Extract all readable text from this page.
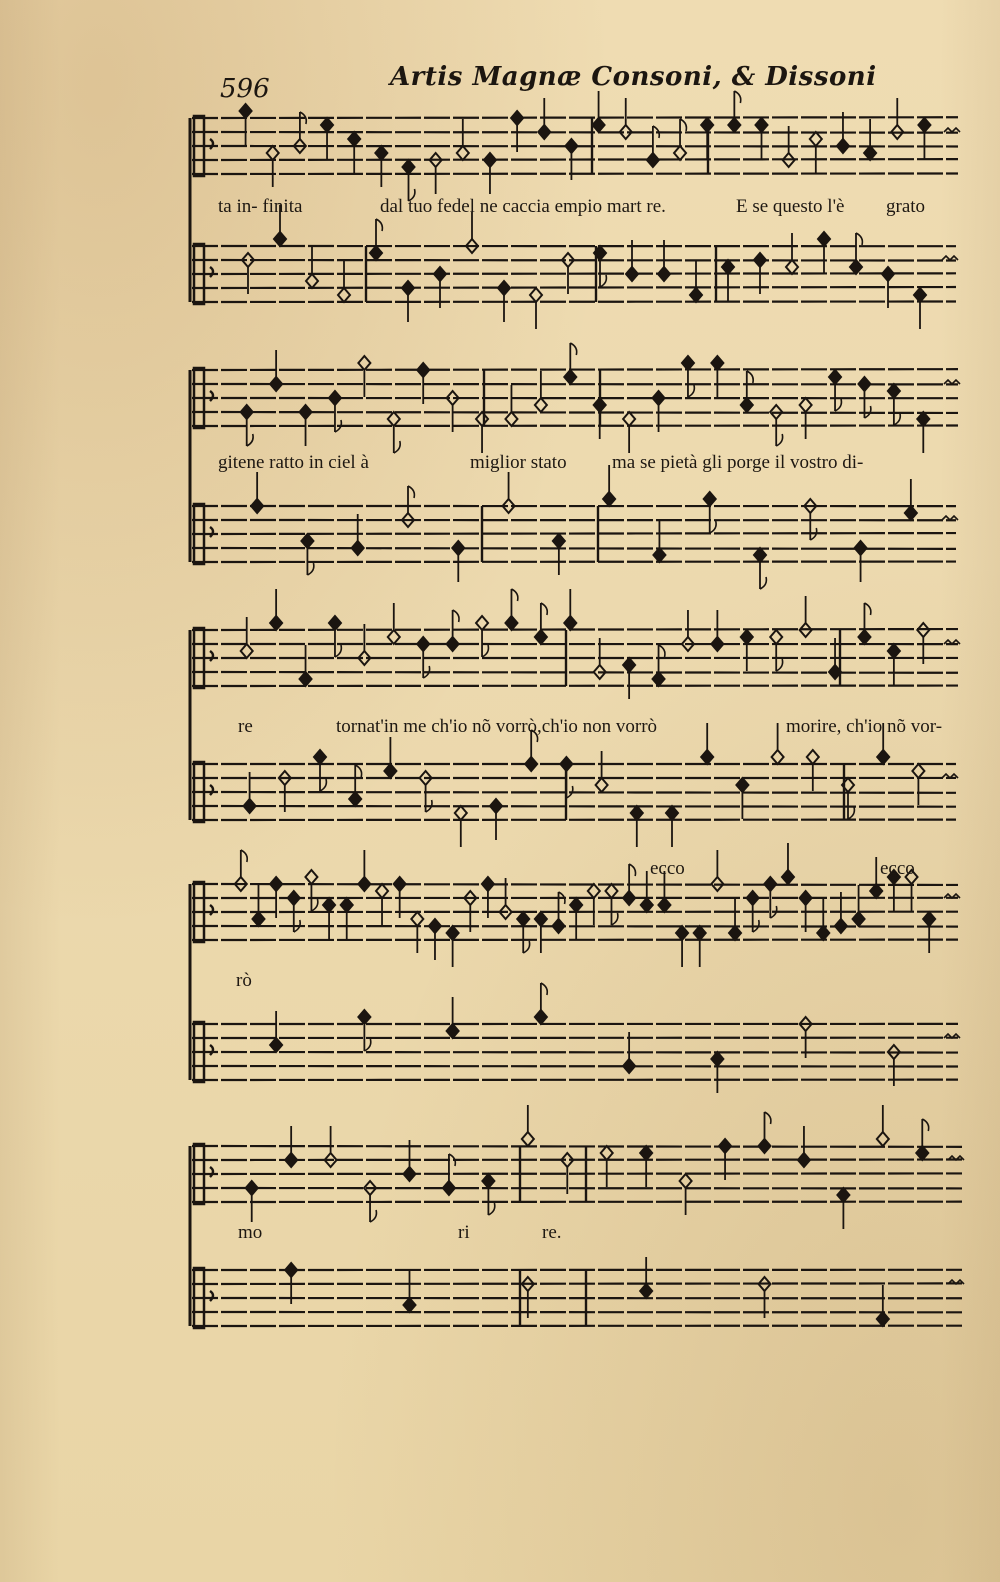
596	Artis Magnæ Consoni, & Dissoni
ta in- finita	dal tuo fedel ne caccia empio mart re.	E se questo l'è grato
gitene ratto in ciel à	miglior stato ma se pietà gli porge il vostro di-
re	tornat'in me ch'io nõ vorrò,ch'io non vorrò	morire, ch'io nõ vor-
ecco	ecco
rò
mo	ri	re.
